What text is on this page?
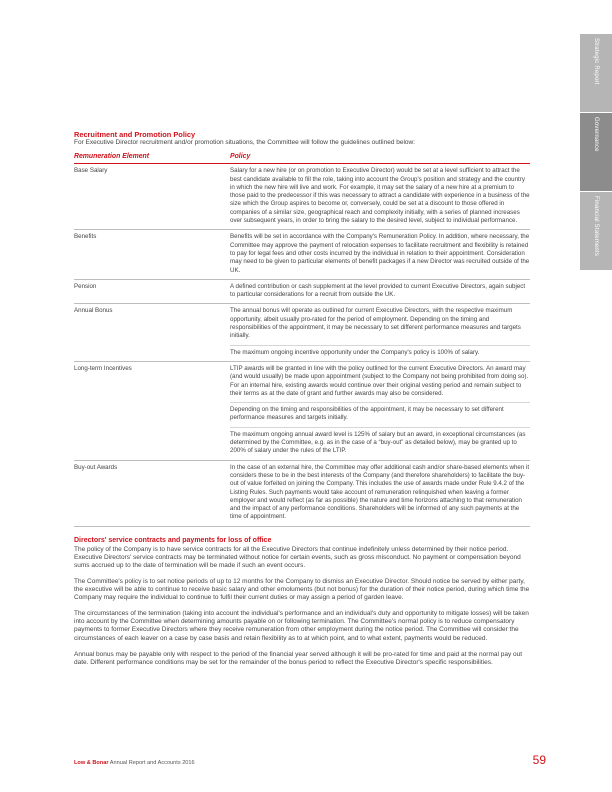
Strategic Report
Governance
Financial Statements

Recruitment and Promotion Policy

For Executive Director recruitment and/or promotion situations, the Committee will follow the guidelines outlined below:

Remuneration Element	Policy
Base Salary	Salary for a new hire (or on promotion to Executive Director) would be set at a level sufficient to attract the best candidate available to fill the role, taking into account the Group's position and strategy and the country in which the new hire will live and work. For example, it may set the salary of a new hire at a premium to those paid to the predecessor if this was necessary to attract a candidate with experience in a business of the size which the Group aspires to become or, conversely, could be set at a discount to those offered in companies of a similar size, geographical reach and complexity initially, with a series of planned increases over subsequent years, in order to bring the salary to the desired level, subject to individual performance.

Benefits	Benefits will be set in accordance with the Company's Remuneration Policy. In addition, where necessary, the Committee may approve the payment of relocation expenses to facilitate recruitment and flexibility is retained to pay for legal fees and other costs incurred by the individual in relation to their appointment. Consideration may need to be given to particular elements of benefit packages if a new Director was recruited outside of the UK.

Pension	A defined contribution or cash supplement at the level provided to current Executive Directors, again subject to particular considerations for a recruit from outside the UK.

Annual Bonus	The annual bonus will operate as outlined for current Executive Directors, with the respective maximum opportunity, albeit usually pro-rated for the period of employment. Depending on the timing and responsibilities of the appointment, it may be necessary to set different performance measures and targets initially.

The maximum ongoing incentive opportunity under the Company's policy is 100% of salary.

Long-term Incentives	LTIP awards will be granted in line with the policy outlined for the current Executive Directors. An award may (and would usually) be made upon appointment (subject to the Company not being prohibited from doing so). For an internal hire, existing awards would continue over their original vesting period and remain subject to their terms as at the date of grant and further awards may also be considered.

Depending on the timing and responsibilities of the appointment, it may be necessary to set different performance measures and targets initially.

The maximum ongoing annual award level is 125% of salary but an award, in exceptional circumstances (as determined by the Committee, e.g. as in the case of a “buy-out” as detailed below), may be granted up to 200% of salary under the rules of the LTIP.

Buy-out Awards	In the case of an external hire, the Committee may offer additional cash and/or share-based elements when it considers these to be in the best interests of the Company (and therefore shareholders) to facilitate the buy-out of value forfeited on joining the Company. This includes the use of awards made under Rule 9.4.2 of the Listing Rules. Such payments would take account of remuneration relinquished when leaving a former employer and would reflect (as far as possible) the nature and time horizons attaching to that remuneration and the impact of any performance conditions. Shareholders will be informed of any such payments at the time of appointment.

Directors' service contracts and payments for loss of office

The policy of the Company is to have service contracts for all the Executive Directors that continue indefinitely unless determined by their notice period. Executive Directors' service contracts may be terminated without notice for certain events, such as gross misconduct. No payment or compensation beyond sums accrued up to the date of termination will be made if such an event occurs.

The Committee's policy is to set notice periods of up to 12 months for the Company to dismiss an Executive Director. Should notice be served by either party, the executive will be able to continue to receive basic salary and other emoluments (but not bonus) for the duration of their notice period, during which time the Company may require the individual to continue to fulfil their current duties or may assign a period of garden leave.

The circumstances of the termination (taking into account the individual's performance and an individual's duty and opportunity to mitigate losses) will be taken into account by the Committee when determining amounts payable on or following termination. The Committee's normal policy is to reduce compensatory payments to former Executive Directors where they receive remuneration from other employment during the notice period. The Committee will consider the circumstances of each leaver on a case by case basis and retain flexibility as to at which point, and to what extent, payments would be reduced.

Annual bonus may be payable only with respect to the period of the financial year served although it will be pro-rated for time and paid at the normal pay out date. Different performance conditions may be set for the remainder of the bonus period to reflect the Executive Director's specific responsibilities.

Low & Bonar Annual Report and Accounts 2016	59
